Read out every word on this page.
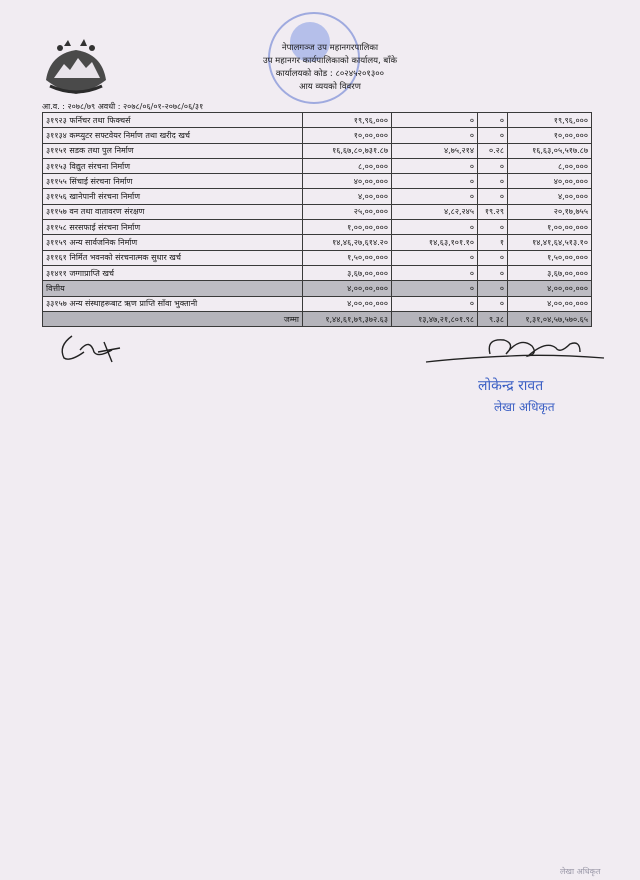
नेपालगञ्ज उप महानगरपालिका
उप महानगर कार्यपालिकाको कार्यालय, बाँके
कार्यालयको कोड : ८०२४५२०१३००
आय व्ययको विवरण
आ.व. : २०७८/७९ अवधी : २०७८/०६/०१-२०७८/०६/३१
३१९२३ फर्निचर तथा फिक्चर्स	१९,९६,०००	०	०	१९,९६,०००
३११३४ कम्प्युटर सफ्टवेयर निर्माण तथा खरीद खर्च	१०,००,०००	०	०	१०,००,०००
३११५१ सडक तथा पुल निर्माण	१६,६७,८०,७३१.८७	४,७५,२१४	०.२८	१६,६३,०५,५१७.८७
३११५३ विद्युत संरचना निर्माण	८,००,०००	०	०	८,००,०००
३११५५ सिंचाई संरचना निर्माण	४०,००,०००	०	०	४०,००,०००
३११५६ खानेपानी संरचना निर्माण	४,००,०००	०	०	४,००,०००
३११५७ वन तथा वातावरण संरक्षण	२५,००,०००	४,८२,२४५	१९.२९	२०,१७,७५५
३११५८ सरसफाई संरचना निर्माण	१,००,००,०००	०	०	१,००,००,०००
३११५९ अन्य सार्वजनिक निर्माण	१४,४६,२७,६१४.२०	१४,६३,१०१.१०	१	१४,४१,६४,५१३.१०
३११६१ निर्मित भवनको संरचनात्मक सुधार खर्च	१,५०,००,०००	०	०	१,५०,००,०००
३१४११ जग्गाप्राप्ति खर्च	३,६७,००,०००	०	०	३,६७,००,०००
वित्तीय	४,००,००,०००	०	०	४,००,००,०००
३३१५७ अन्य संस्थाहरूबाट ऋण प्राप्ति साँवा भुक्तानी	४,००,००,०००	०	०	४,००,००,०००
जम्मा	१,४४,६१,७९,३७२.६३	१३,४७,२१,८०१.९८	९.३८	१,३१,०४,५७,५७०.६५
लोकेन्द्र रावत
लेखा अधिकृत
लेखा अधिकृत
